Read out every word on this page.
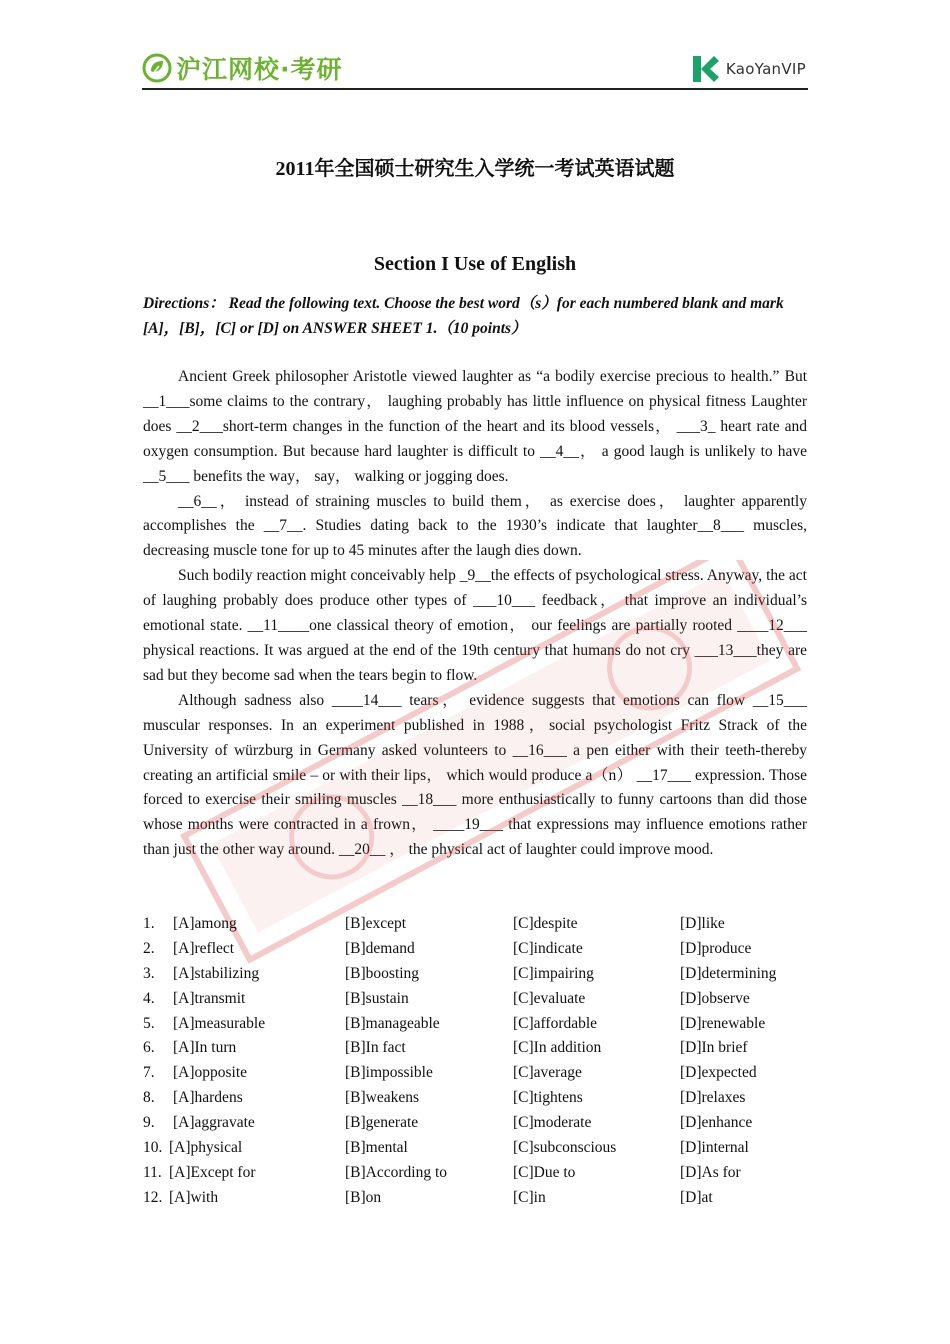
沪江网校·考研	KaoYanVIP
2011年全国硕士研究生入学统一考试英语试题
Section I Use of English
Directions： Read the following text. Choose the best word（s）for each numbered blank and mark [A]，[B]，[C] or [D] on ANSWER SHEET 1.（10 points）

Ancient Greek philosopher Aristotle viewed laughter as “a bodily exercise precious to health.” But __1___some claims to the contrary， laughing probably has little influence on physical fitness Laughter does __2___short-term changes in the function of the heart and its blood vessels， ___3_ heart rate and oxygen consumption. But because hard laughter is difficult to __4__， a good laugh is unlikely to have __5___ benefits the way， say， walking or jogging does.

__6__， instead of straining muscles to build them， as exercise does， laughter apparently accomplishes the __7__. Studies dating back to the 1930’s indicate that laughter__8___ muscles, decreasing muscle tone for up to 45 minutes after the laugh dies down.

Such bodily reaction might conceivably help _9__the effects of psychological stress. Anyway, the act of laughing probably does produce other types of ___10___ feedback， that improve an individual’s emotional state. __11____one classical theory of emotion， our feelings are partially rooted ____12___ physical reactions. It was argued at the end of the 19th century that humans do not cry ___13___they are sad but they become sad when the tears begin to flow.

Although sadness also ____14___ tears， evidence suggests that emotions can flow __15___ muscular responses. In an experiment published in 1988，social psychologist Fritz Strack of the University of würzburg in Germany asked volunteers to __16___ a pen either with their teeth-thereby creating an artificial smile – or with their lips， which would produce a（n） __17___ expression. Those forced to exercise their smiling muscles __18___ more enthusiastically to funny cartoons than did those whose months were contracted in a frown， ____19___ that expressions may influence emotions rather than just the other way around. __20__ ， the physical act of laughter could improve mood.

1. [A]among	[B]except	[C]despite	[D]like
2. [A]reflect	[B]demand	[C]indicate	[D]produce
3. [A]stabilizing	[B]boosting	[C]impairing	[D]determining
4. [A]transmit	[B]sustain	[C]evaluate	[D]observe
5. [A]measurable	[B]manageable	[C]affordable	[D]renewable
6. [A]In turn	[B]In fact	[C]In addition	[D]In brief
7. [A]opposite	[B]impossible	[C]average	[D]expected
8. [A]hardens	[B]weakens	[C]tightens	[D]relaxes
9. [A]aggravate	[B]generate	[C]moderate	[D]enhance
10. [A]physical	[B]mental	[C]subconscious	[D]internal
11. [A]Except for	[B]According to	[C]Due to	[D]As for
12. [A]with	[B]on	[C]in	[D]at
